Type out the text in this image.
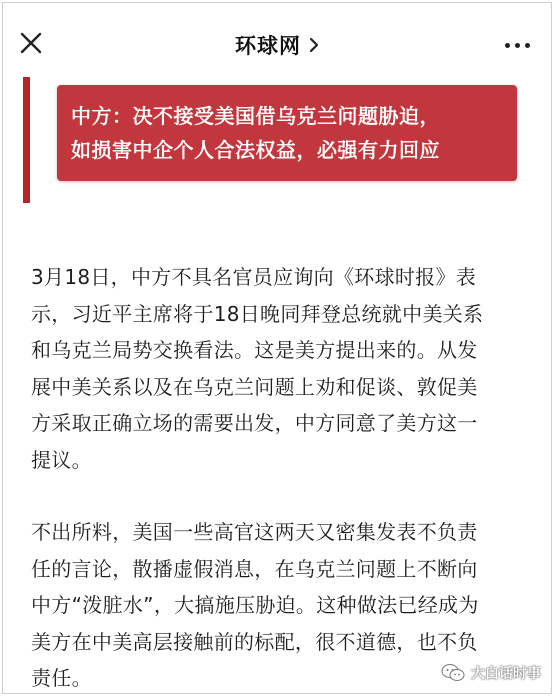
环球网
中方：决不接受美国借乌克兰问题胁迫，
如损害中企个人合法权益，必强有力回应

3月18日，中方不具名官员应询向《环球时报》表
示，习近平主席将于18日晚同拜登总统就中美关系
和乌克兰局势交换看法。这是美方提出来的。从发
展中美关系以及在乌克兰问题上劝和促谈、敦促美
方采取正确立场的需要出发，中方同意了美方这一
提议。

不出所料，美国一些高官这两天又密集发表不负责
任的言论，散播虚假消息，在乌克兰问题上不断向
中方“泼脏水”，大搞施压胁迫。这种做法已经成为
美方在中美高层接触前的标配，很不道德，也不负
责任。	大白话时事
